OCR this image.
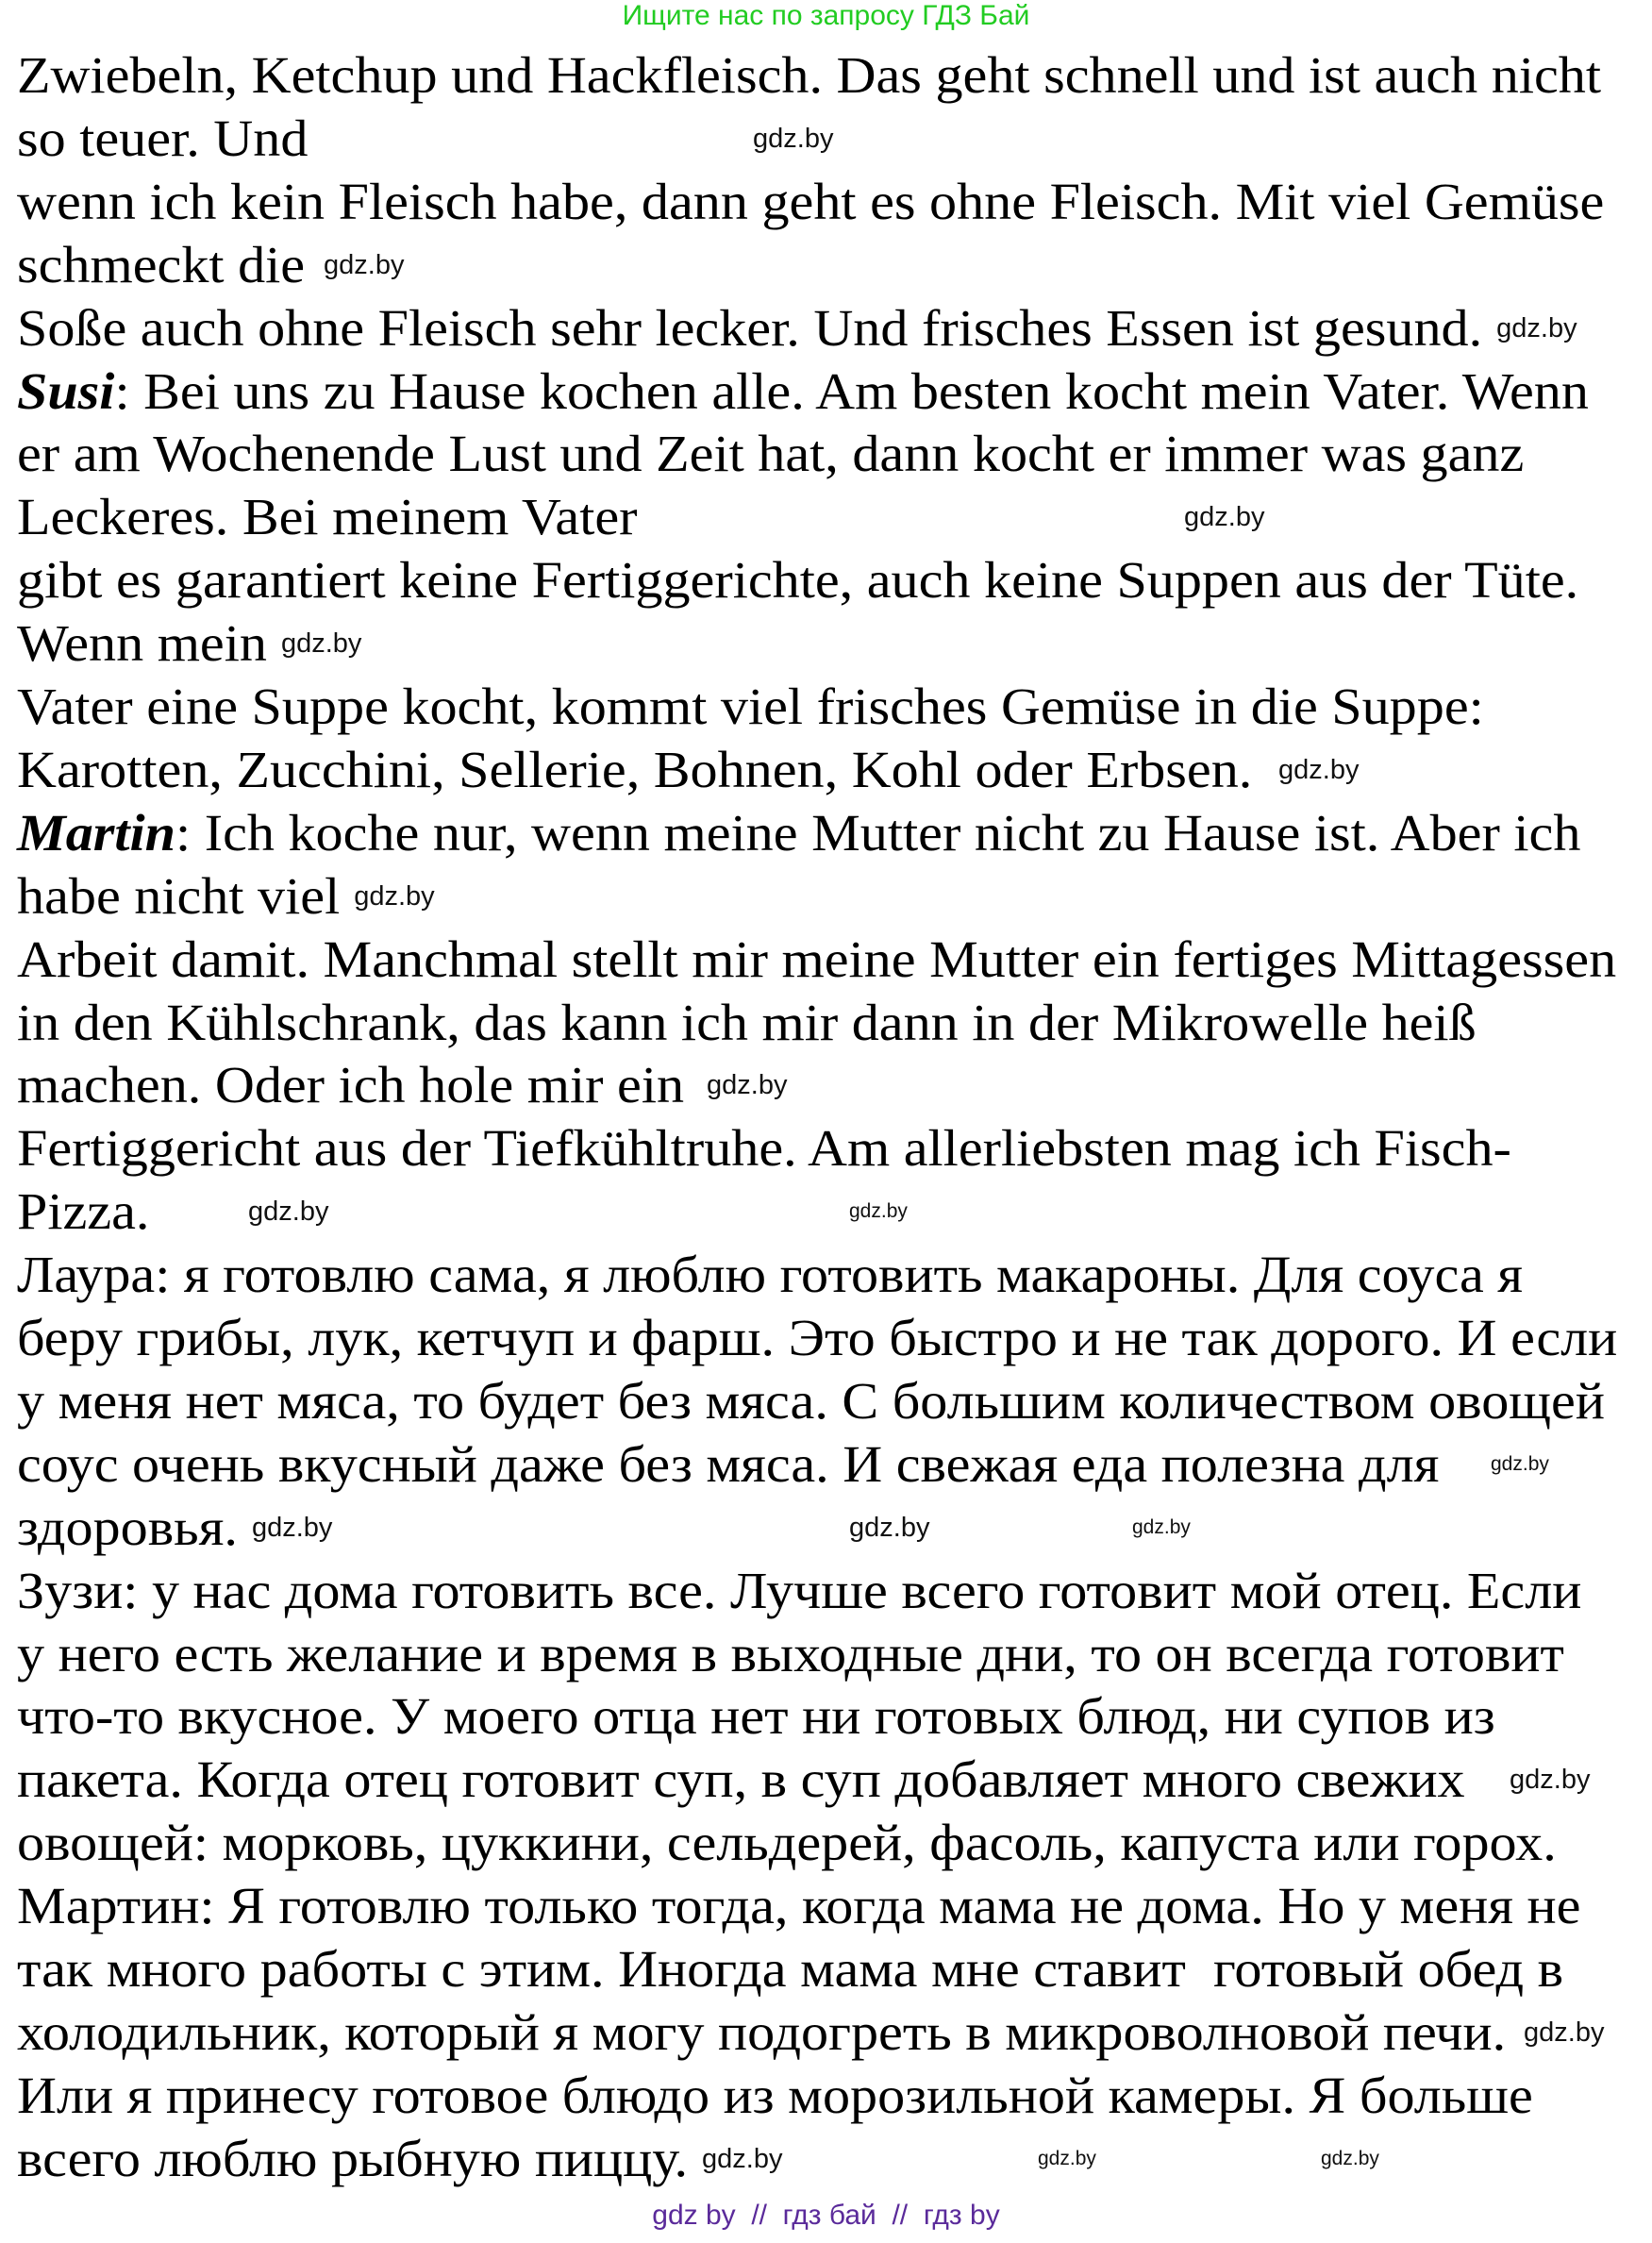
Ищите нас по запросу ГДЗ Бай
Zwiebeln, Ketchup und Hackfleisch. Das geht schnell und ist auch nicht
so teuer. Und
wenn ich kein Fleisch habe, dann geht es ohne Fleisch. Mit viel Gemüse
schmeckt die
Soße auch ohne Fleisch sehr lecker. Und frisches Essen ist gesund.
Susi: Bei uns zu Hause kochen alle. Am besten kocht mein Vater. Wenn
er am Wochenende Lust und Zeit hat, dann kocht er immer was ganz
Leckeres. Bei meinem Vater
gibt es garantiert keine Fertiggerichte, auch keine Suppen aus der Tüte.
Wenn mein
Vater eine Suppe kocht, kommt viel frisches Gemüse in die Suppe:
Karotten, Zucchini, Sellerie, Bohnen, Kohl oder Erbsen.
Martin: Ich koche nur, wenn meine Mutter nicht zu Hause ist. Aber ich
habe nicht viel
Arbeit damit. Manchmal stellt mir meine Mutter ein fertiges Mittagessen
in den Kühlschrank, das kann ich mir dann in der Mikrowelle heiß
machen. Oder ich hole mir ein
Fertiggericht aus der Tiefkühltruhe. Am allerliebsten mag ich Fisch-
Pizza.
Лаура: я готовлю сама, я люблю готовить макароны. Для соуса я
беру грибы, лук, кетчуп и фарш. Это быстро и не так дорого. И если
у меня нет мяса, то будет без мяса. С большим количеством овощей
соус очень вкусный даже без мяса. И свежая еда полезна для
здоровья.
Зузи: у нас дома готовить все. Лучше всего готовит мой отец. Если
у него есть желание и время в выходные дни, то он всегда готовит
что-то вкусное. У моего отца нет ни готовых блюд, ни супов из
пакета. Когда отец готовит суп, в суп добавляет много свежих
овощей: морковь, цуккини, сельдерей, фасоль, капуста или горох.
Мартин: Я готовлю только тогда, когда мама не дома. Но у меня не
так много работы с этим. Иногда мама мне ставит  готовый обед в
холодильник, который я могу подогреть в микроволновой печи.
Или я принесу готовое блюдо из морозильной камеры. Я больше
всего люблю рыбную пиццу.
gdz.by
gdz.by
gdz.by
gdz.by
gdz.by
gdz.by
gdz.by
gdz.by
gdz.by	gdz.by
gdz.by
gdz.by
gdz.by
gdz.by
gdz.by
gdz.by
gdz.by
gdz.by
gdz.by
gdz by  //  гдз бай  //  гдз by
